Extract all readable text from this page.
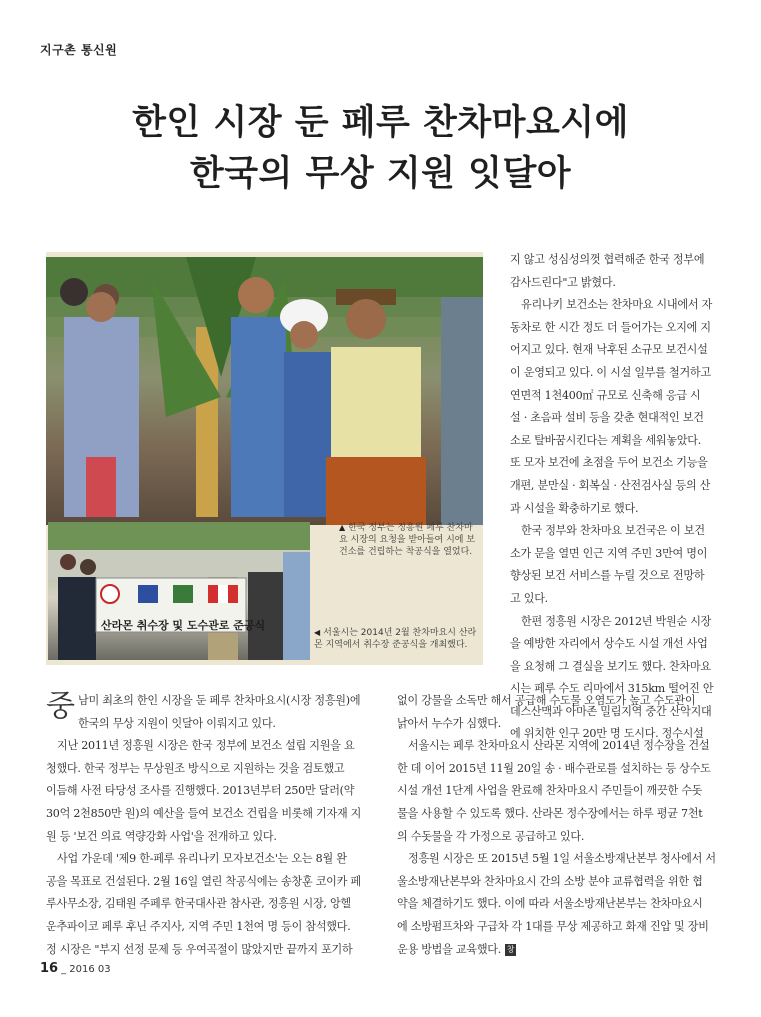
지구촌 통신원
한인 시장 둔 페루 찬차마요시에
한국의 무상 지원 잇달아
산라몬 취수장 및 도수관로 준공식
▲ 한국 정부는 정흥원 페루 찬차마요 시장의 요청을 받아들여 시에 보건소를 건립하는 착공식을 열었다.
◀ 서울시는 2014년 2월 찬차마요시 산라몬 지역에서 취수장 준공식을 개최했다.
지 않고 성심성의껏 협력해준 한국 정부에
감사드린다"고 밝혔다.
유리나키 보건소는 찬차마요 시내에서 자
동차로 한 시간 정도 더 들어가는 오지에 지
어지고 있다. 현재 낙후된 소규모 보건시설
이 운영되고 있다. 이 시설 일부를 철거하고
연면적 1천400㎡ 규모로 신축해 응급 시
설 · 초음파 설비 등을 갖춘 현대적인 보건
소로 탈바꿈시킨다는 계획을 세워놓았다.
또 모자 보건에 초점을 두어 보건소 기능을
개편, 분만실 · 회복실 · 산전검사실 등의 산
과 시설을 확충하기로 했다.
한국 정부와 찬차마요 보건국은 이 보건
소가 문을 열면 인근 지역 주민 3만여 명이
향상된 보건 서비스를 누릴 것으로 전망하
고 있다.
한편 정흥원 시장은 2012년 박원순 시장
을 예방한 자리에서 상수도 시설 개선 사업
을 요청해 그 결실을 보기도 했다. 찬차마요
시는 페루 수도 리마에서 315km 떨어진 안
데스산맥과 아마존 밀림지역 중간 산악지대
에 위치한 인구 20만 명 도시다. 정수시설
중 남미 최초의 한인 시장을 둔 페루 찬차마요시(시장 정흥원)에
한국의 무상 지원이 잇달아 이뤄지고 있다.
지난 2011년 정흥원 시장은 한국 정부에 보건소 설립 지원을 요
청했다. 한국 정부는 무상원조 방식으로 지원하는 것을 검토했고
이듬해 사전 타당성 조사를 진행했다. 2013년부터 250만 달러(약
30억 2천850만 원)의 예산을 들여 보건소 건립을 비롯해 기자재 지
원 등 '보건 의료 역량강화 사업'을 전개하고 있다.
사업 가운데 '제9 한-페루 유리나키 모자보건소'는 오는 8월 완
공을 목표로 건설된다. 2월 16일 열린 착공식에는 송창훈 코이카 페
루사무소장, 김태원 주페루 한국대사관 참사관, 정흥원 시장, 앙헬
운추파이코 페루 후닌 주지사, 지역 주민 1천여 명 등이 참석했다.
정 시장은 "부지 선정 문제 등 우여곡절이 많았지만 끝까지 포기하
없이 강물을 소독만 해서 공급해 수도물 오염도가 높고 수도관이
낡아서 누수가 심했다.
서울시는 페루 찬차마요시 산라몬 지역에 2014년 정수장을 건설
한 데 이어 2015년 11월 20일 송 · 배수관로를 설치하는 등 상수도
시설 개선 1단계 사업을 완료해 찬차마요시 주민들이 깨끗한 수돗
물을 사용할 수 있도록 했다. 산라몬 정수장에서는 하루 평균 7천t
의 수돗물을 각 가정으로 공급하고 있다.
정흥원 시장은 또 2015년 5월 1일 서울소방재난본부 청사에서 서
울소방재난본부와 찬차마요시 간의 소방 분야 교류협력을 위한 협
약을 체결하기도 했다. 이에 따라 서울소방재난본부는 찬차마요시
에 소방펌프차와 구급차 각 1대를 무상 제공하고 화재 진압 및 장비
운용 방법을 교육했다. 창
16 _ 2016 03
